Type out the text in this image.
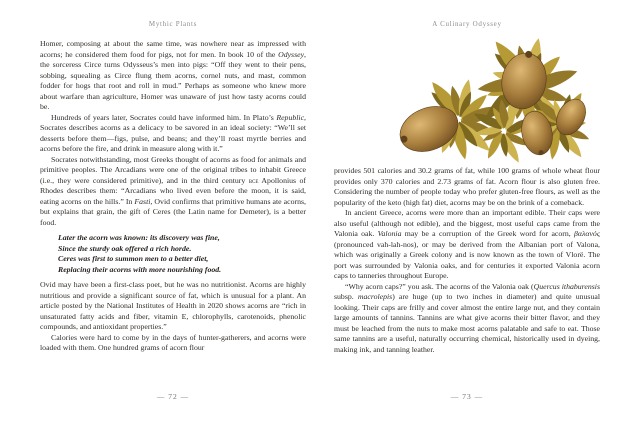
Mythic Plants

Homer, composing at about the same time, was nowhere near as impressed with acorns; he considered them food for pigs, not for men. In book 10 of the Odyssey, the sorceress Circe turns Odysseus’s men into pigs: “Off they went to their pens, sobbing, squealing as Circe flung them acorns, cornel nuts, and mast, common fodder for hogs that root and roll in mud.” Perhaps as someone who knew more about warfare than agriculture, Homer was unaware of just how tasty acorns could be.

Hundreds of years later, Socrates could have informed him. In Plato’s Republic, Socrates describes acorns as a delicacy to be savored in an ideal society: “We’ll set desserts before them—figs, pulse, and beans; and they’ll roast myrtle berries and acorns before the fire, and drink in measure along with it.”

Socrates notwithstanding, most Greeks thought of acorns as food for animals and primitive peoples. The Arcadians were one of the original tribes to inhabit Greece (i.e., they were considered primitive), and in the third century bce Apollonius of Rhodes describes them: “Arcadians who lived even before the moon, it is said, eating acorns on the hills.” In Fasti, Ovid confirms that primitive humans ate acorns, but explains that grain, the gift of Ceres (the Latin name for Demeter), is a better food.

Later the acorn was known: its discovery was fine,
Since the sturdy oak offered a rich horde.
Ceres was first to summon men to a better diet,
Replacing their acorns with more nourishing food.

Ovid may have been a first-class poet, but he was no nutritionist. Acorns are highly nutritious and provide a significant source of fat, which is unusual for a plant. An article posted by the National Institutes of Health in 2020 shows acorns are “rich in unsaturated fatty acids and fiber, vitamin E, chlorophylls, carotenoids, phenolic compounds, and antioxidant properties.”

Calories were hard to come by in the days of hunter-gatherers, and acorns were loaded with them. One hundred grams of acorn flour

— 72 —
A Culinary Odyssey

provides 501 calories and 30.2 grams of fat, while 100 grams of whole wheat flour provides only 370 calories and 2.73 grams of fat. Acorn flour is also gluten free. Considering the number of people today who prefer gluten-free flours, as well as the popularity of the keto (high fat) diet, acorns may be on the brink of a comeback.

In ancient Greece, acorns were more than an important edible. Their caps were also useful (although not edible), and the biggest, most useful caps came from the Valonia oak. Valonia may be a corruption of the Greek word for acorn, βαλανός (pronounced vah-lah-nos), or may be derived from the Albanian port of Valona, which was originally a Greek colony and is now known as the town of Vlorë. The port was surrounded by Valonia oaks, and for centuries it exported Valonia acorn caps to tanneries throughout Europe.

“Why acorn caps?” you ask. The acorns of the Valonia oak (Quercus ithaburensis subsp. macrolepis) are huge (up to two inches in diameter) and quite unusual looking. Their caps are frilly and cover almost the entire large nut, and they contain large amounts of tannins. Tannins are what give acorns their bitter flavor, and they must be leached from the nuts to make most acorns palatable and safe to eat. Those same tannins are a useful, naturally occurring chemical, historically used in dyeing, making ink, and tanning leather.

— 73 —
